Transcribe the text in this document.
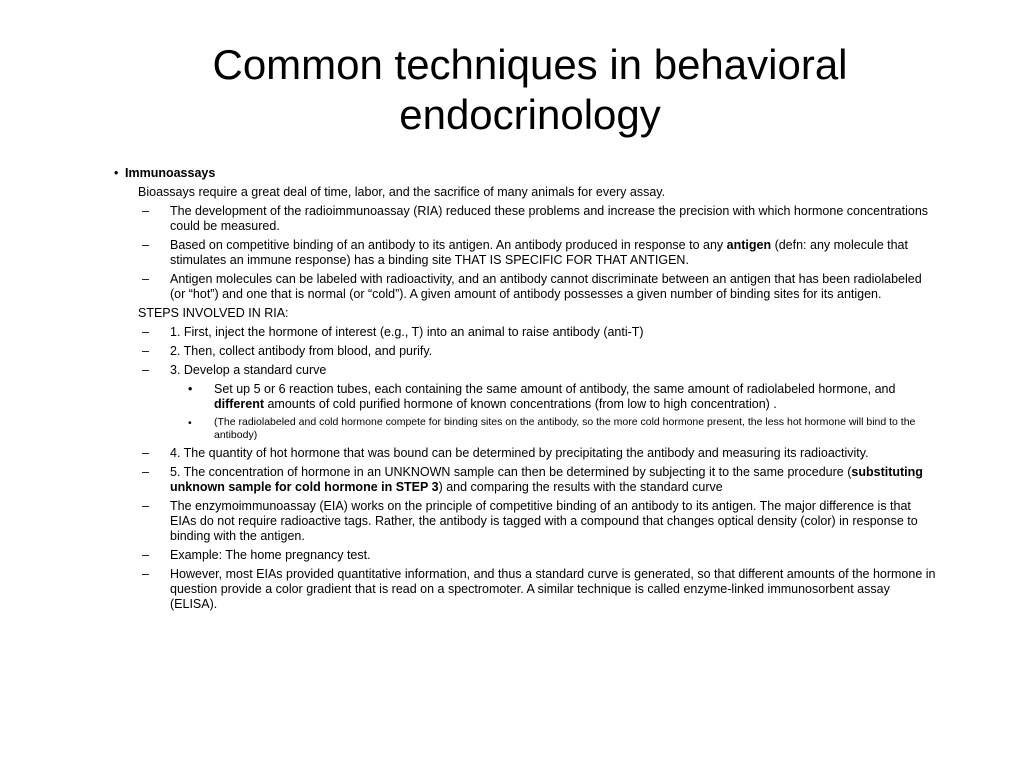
Common techniques in behavioral
endocrinology
• Immunoassays
Bioassays require a great deal of time, labor, and the sacrifice of many animals for every assay.
– The development of the radioimmunoassay (RIA) reduced these problems and increase the precision with which hormone concentrations could be measured.
– Based on competitive binding of an antibody to its antigen. An antibody produced in response to any antigen (defn: any molecule that stimulates an immune response) has a binding site THAT IS SPECIFIC FOR THAT ANTIGEN.
– Antigen molecules can be labeled with radioactivity, and an antibody cannot discriminate between an antigen that has been radiolabeled (or “hot”) and one that is normal (or “cold”). A given amount of antibody possesses a given number of binding sites for its antigen.
STEPS INVOLVED IN RIA:
– 1. First, inject the hormone of interest (e.g., T) into an animal to raise antibody (anti-T)
– 2. Then, collect antibody from blood, and purify.
– 3. Develop a standard curve
• Set up 5 or 6 reaction tubes, each containing the same amount of antibody, the same amount of radiolabeled hormone, and different amounts of cold purified hormone of known concentrations (from low to high concentration) .
• (The radiolabeled and cold hormone compete for binding sites on the antibody, so the more cold hormone present, the less hot hormone will bind to the antibody)
– 4. The quantity of hot hormone that was bound can be determined by precipitating the antibody and measuring its radioactivity.
– 5. The concentration of hormone in an UNKNOWN sample can then be determined by subjecting it to the same procedure (substituting unknown sample for cold hormone in STEP 3) and comparing the results with the standard curve
– The enzymoimmunoassay (EIA) works on the principle of competitive binding of an antibody to its antigen. The major difference is that EIAs do not require radioactive tags. Rather, the antibody is tagged with a compound that changes optical density (color) in response to binding with the antigen.
– Example: The home pregnancy test.
– However, most EIAs provided quantitative information, and thus a standard curve is generated, so that different amounts of the hormone in question provide a color gradient that is read on a spectromoter. A similar technique is called enzyme-linked immunosorbent assay (ELISA).
